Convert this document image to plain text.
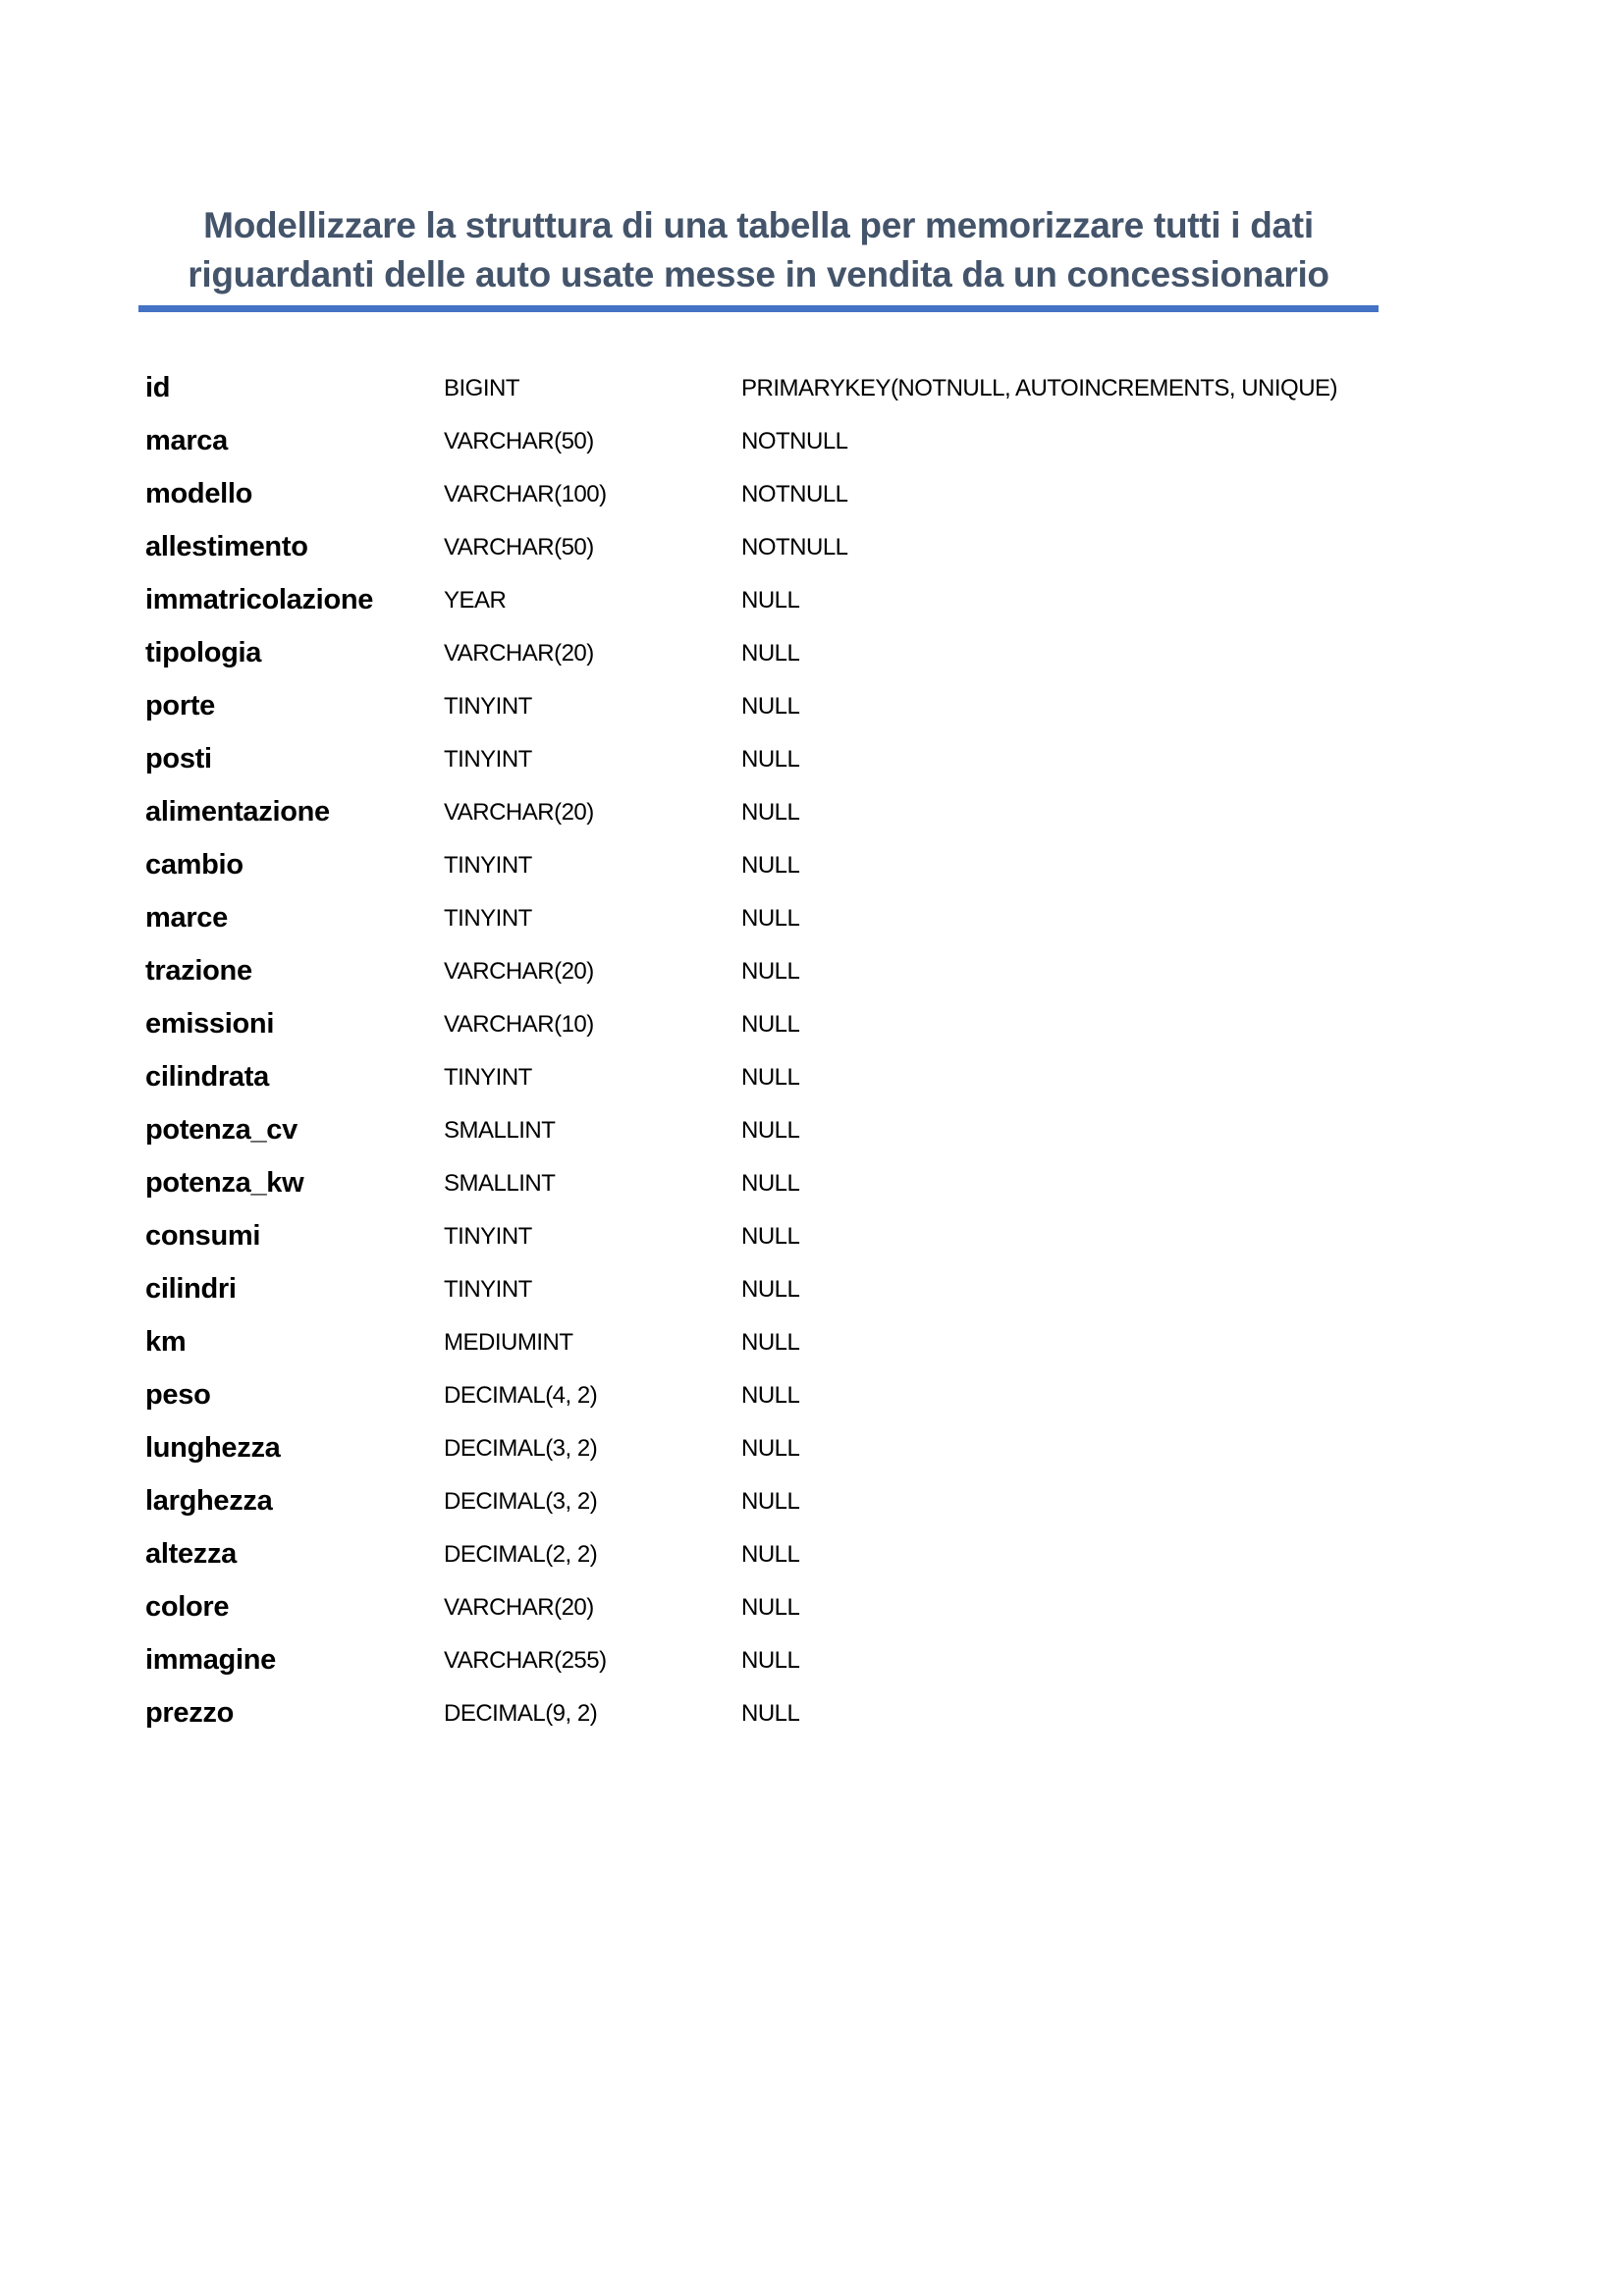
Modellizzare la struttura di una tabella per memorizzare tutti i dati
riguardanti delle auto usate messe in vendita da un concessionario
id	BIGINT	PRIMARYKEY(NOTNULL, AUTOINCREMENTS, UNIQUE)
marca	VARCHAR(50)	NOTNULL
modello	VARCHAR(100)	NOTNULL
allestimento	VARCHAR(50)	NOTNULL
immatricolazione	YEAR	NULL
tipologia	VARCHAR(20)	NULL
porte	TINYINT	NULL
posti	TINYINT	NULL
alimentazione	VARCHAR(20)	NULL
cambio	TINYINT	NULL
marce	TINYINT	NULL
trazione	VARCHAR(20)	NULL
emissioni	VARCHAR(10)	NULL
cilindrata	TINYINT	NULL
potenza_cv	SMALLINT	NULL
potenza_kw	SMALLINT	NULL
consumi	TINYINT	NULL
cilindri	TINYINT	NULL
km	MEDIUMINT	NULL
peso	DECIMAL(4, 2)	NULL
lunghezza	DECIMAL(3, 2)	NULL
larghezza	DECIMAL(3, 2)	NULL
altezza	DECIMAL(2, 2)	NULL
colore	VARCHAR(20)	NULL
immagine	VARCHAR(255)	NULL
prezzo	DECIMAL(9, 2)	NULL
